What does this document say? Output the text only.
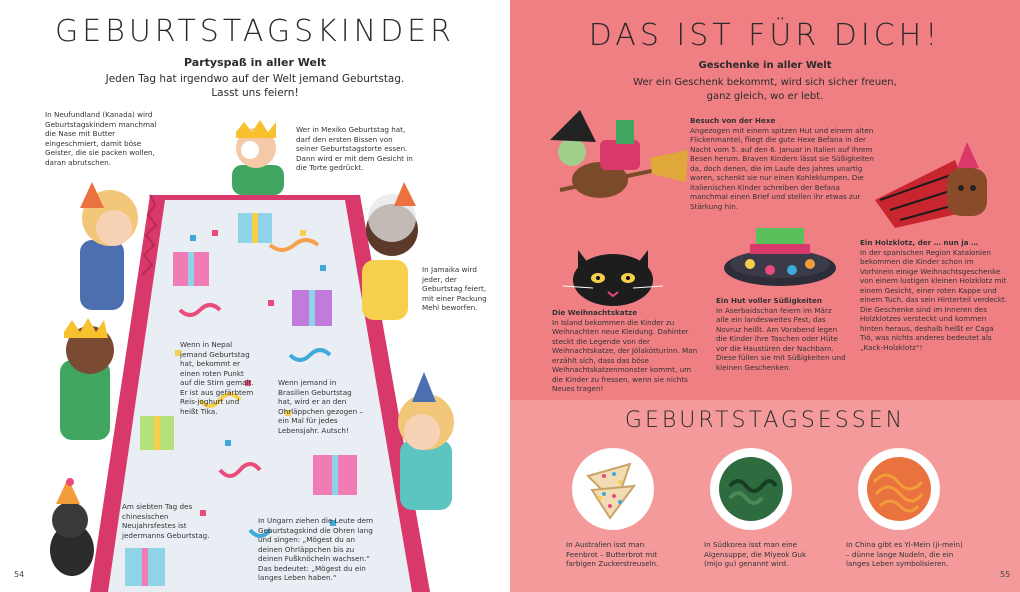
GEBURTSTAGSKINDER
Partyspaß in aller Welt
Jeden Tag hat irgendwo auf der Welt jemand Geburtstag. Lasst uns feiern!
In Neufundland (Kanada) wird Geburtstagskindern manchmal die Nase mit Butter eingeschmiert, damit böse Geister, die sie packen wollen, daran abrutschen.
Wer in Mexiko Geburtstag hat, darf den ersten Bissen von seiner Geburtstagstorte essen. Dann wird er mit dem Gesicht in die Torte gedrückt.
In Jamaika wird jeder, der Geburtstag feiert, mit einer Packung Mehl beworfen.
Wenn in Nepal jemand Geburtstag hat, bekommt er einen roten Punkt auf die Stirn gemalt. Er ist aus gefärbtem Reis-joghurt und heißt Tika.
Wenn jemand in Brasilien Geburtstag hat, wird er an den Ohrläppchen gezogen – ein Mal für jedes Lebensjahr. Autsch!
Am siebten Tag des chinesischen Neujahrsfestes ist jedermanns Geburtstag.
In Ungarn ziehen die Leute dem Geburtstagskind die Ohren lang und singen: „Mögest du an deinen Ohrläppchen bis zu deinen Fußknöcheln wachsen.“ Das bedeutet: „Mögest du ein langes Leben haben.“
54
DAS IST FÜR DICH!
Geschenke in aller Welt
Wer ein Geschenk bekommt, wird sich sicher freuen, ganz gleich, wo er lebt.
Besuch von der Hexe
Angezogen mit einem spitzen Hut und einem alten Flickenmantel, fliegt die gute Hexe Befana in der Nacht vom 5. auf den 6. Januar in Italien auf ihrem Besen herum. Braven Kindern lässt sie Süßigkeiten da, doch denen, die im Laufe des Jahres unartig waren, schenkt sie nur einen Kohleklumpen. Die italienischen Kinder schreiben der Befana manchmal einen Brief und stellen ihr etwas zur Stärkung hin.
Die Weihnachtskatze
In Island bekommen die Kinder zu Weihnachten neue Kleidung. Dahinter steckt die Legende von der Weihnachtskatze, der Jólakötturinn. Man erzählt sich, dass das böse Weihnachtskatzenmonster kommt, um die Kinder zu fressen, wenn sie nichts Neues tragen!
Ein Hut voller Süßigkeiten
In Aserbaidschan feiern im März alle ein landesweites Fest, das Novruz heißt. Am Vorabend legen die Kinder ihre Taschen oder Hüte vor die Haustüren der Nachbarn. Diese füllen sie mit Süßigkeiten und kleinen Geschenken.
Ein Holzklotz, der … nun ja …
In der spanischen Region Katalonien bekommen die Kinder schon im Vorhinein einige Weihnachtsgeschenke von einem lustigen kleinen Holzklotz mit einem Gesicht, einer roten Kappe und einem Tuch, das sein Hinterteil verdeckt. Die Geschenke sind im Inneren des Holzklotzes versteckt und kommen hinten heraus, deshalb heißt er Caga Tió, was nichts anderes bedeutet als „Kack-Holzklotz“!
GEBURTSTAGSESSEN
In Australien isst man Feenbrot – Butterbrot mit farbigen Zuckerstreuseln.
In Südkorea isst man eine Algensuppe, die Miyeok Guk (mijo gu) genannt wird.
In China gibt es Yi-Mein (ji-mein) – dünne lange Nudeln, die ein langes Leben symbolisieren.
55
